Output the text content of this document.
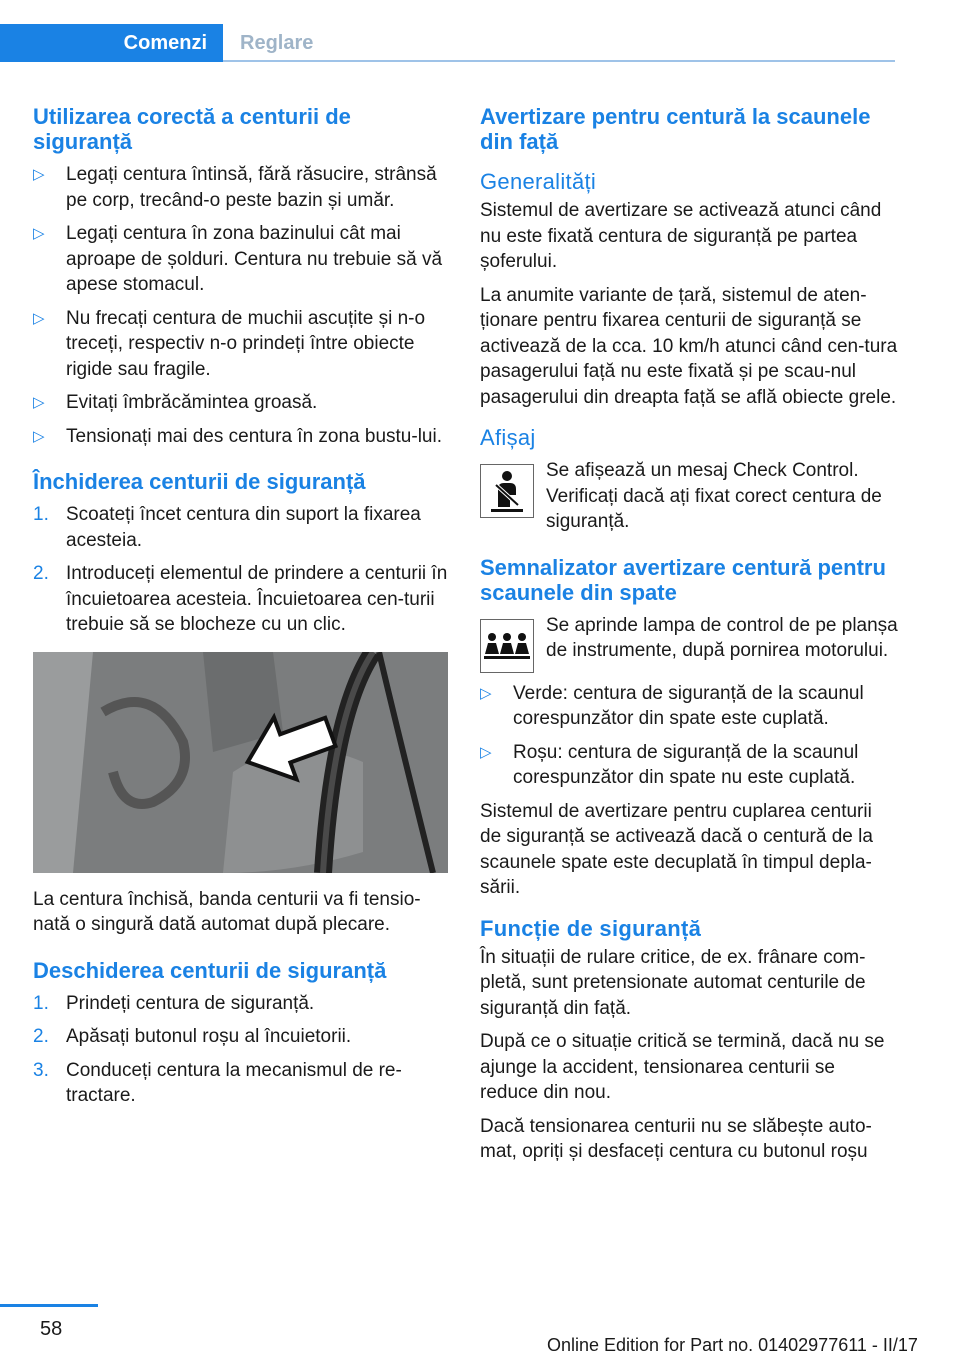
Comenzi	Reglare
Utilizarea corectă a centurii de siguranță
▷ Legați centura întinsă, fără răsucire, strânsă pe corp, trecând-o peste bazin și umăr.
▷ Legați centura în zona bazinului cât mai aproape de șolduri. Centura nu trebuie să vă apese stomacul.
▷ Nu frecați centura de muchii ascuțite și n-o treceți, respectiv n-o prindeți între obiecte rigide sau fragile.
▷ Evitați îmbrăcămintea groasă.
▷ Tensionați mai des centura în zona bustu-lui.
Închiderea centurii de siguranță
1. Scoateți încet centura din suport la fixarea acesteia.
2. Introduceți elementul de prindere a centurii în încuietoarea acesteia. Încuietoarea cen-turii trebuie să se blocheze cu un clic.

La centura închisă, banda centurii va fi tensio-nată o singură dată automat după plecare.

Deschiderea centurii de siguranță
1. Prindeți centura de siguranță.
2. Apăsați butonul roșu al încuietorii.
3. Conduceți centura la mecanismul de re-tractare.
Avertizare pentru centură la scaunele din față
Generalități

Sistemul de avertizare se activează atunci când nu este fixată centura de siguranță pe partea șoferului.

La anumite variante de țară, sistemul de aten-ționare pentru fixarea centurii de siguranță se activează de la cca. 10 km/h atunci când cen-tura pasagerului față nu este fixată și pe scau-nul pasagerului din dreapta față se află obiecte grele.

Afișaj

Se afișează un mesaj Check Control. Verificați dacă ați fixat corect centura de siguranță.

Semnalizator avertizare centură pentru scaunele din spate

Se aprinde lampa de control de pe planșa de instrumente, după pornirea motorului.

▷ Verde: centura de siguranță de la scaunul corespunzător din spate este cuplată.
▷ Roșu: centura de siguranță de la scaunul corespunzător din spate nu este cuplată.

Sistemul de avertizare pentru cuplarea centurii de siguranță se activează dacă o centură de la scaunele spate este decuplată în timpul depla-sării.

Funcție de siguranță

În situații de rulare critice, de ex. frânare com-pletă, sunt pretensionate automat centurile de siguranță din față.

După ce o situație critică se termină, dacă nu se ajunge la accident, tensionarea centurii se reduce din nou.

Dacă tensionarea centurii nu se slăbește auto-mat, opriți și desfaceți centura cu butonul roșu

58
Online Edition for Part no. 01402977611 - II/17
